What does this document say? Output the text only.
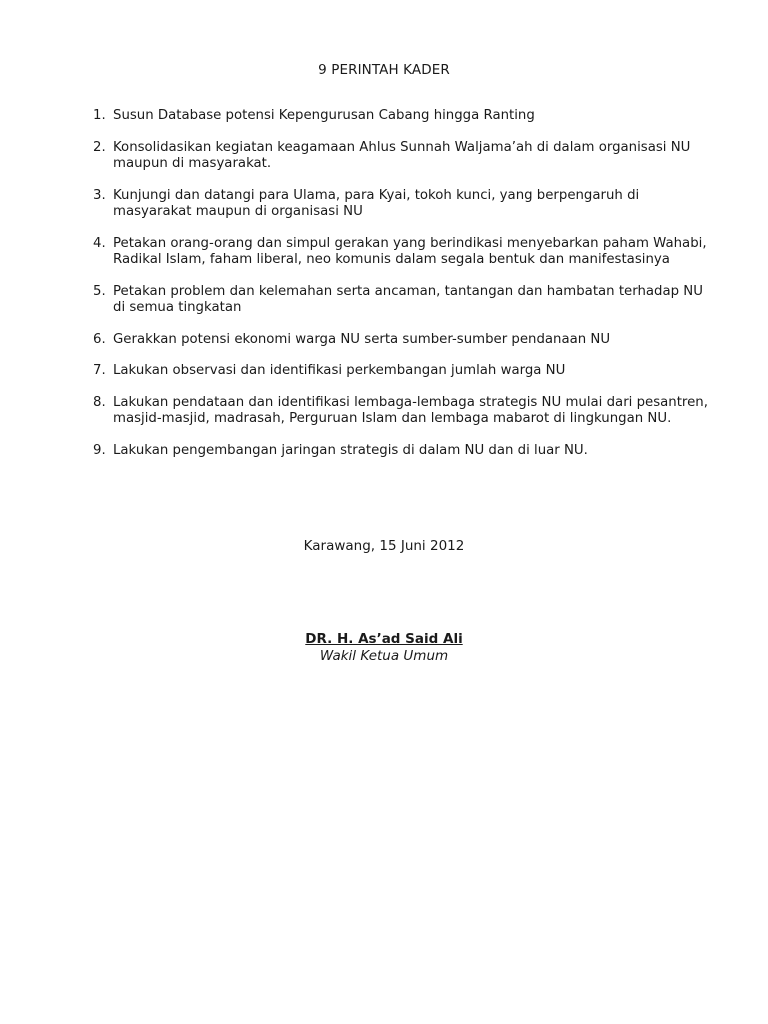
9 PERINTAH KADER
1. Susun Database potensi Kepengurusan Cabang hingga Ranting
2. Konsolidasikan kegiatan keagamaan Ahlus Sunnah Waljama’ah di dalam organisasi NU maupun di masyarakat.
3. Kunjungi dan datangi para Ulama, para Kyai, tokoh kunci, yang berpengaruh di masyarakat maupun di organisasi NU
4. Petakan orang-orang dan simpul gerakan yang berindikasi menyebarkan paham Wahabi, Radikal Islam, faham liberal, neo komunis dalam segala bentuk dan manifestasinya
5. Petakan problem dan kelemahan serta ancaman, tantangan dan hambatan terhadap NU di semua tingkatan
6. Gerakkan potensi ekonomi warga NU serta sumber-sumber pendanaan NU
7. Lakukan observasi dan identifikasi perkembangan jumlah warga NU
8. Lakukan pendataan dan identifikasi lembaga-lembaga strategis NU mulai dari pesantren, masjid-masjid, madrasah, Perguruan Islam dan lembaga mabarot di lingkungan NU.
9. Lakukan pengembangan jaringan strategis di dalam NU dan di luar NU.
Karawang, 15 Juni 2012
DR. H. As’ad Said Ali
Wakil Ketua Umum
